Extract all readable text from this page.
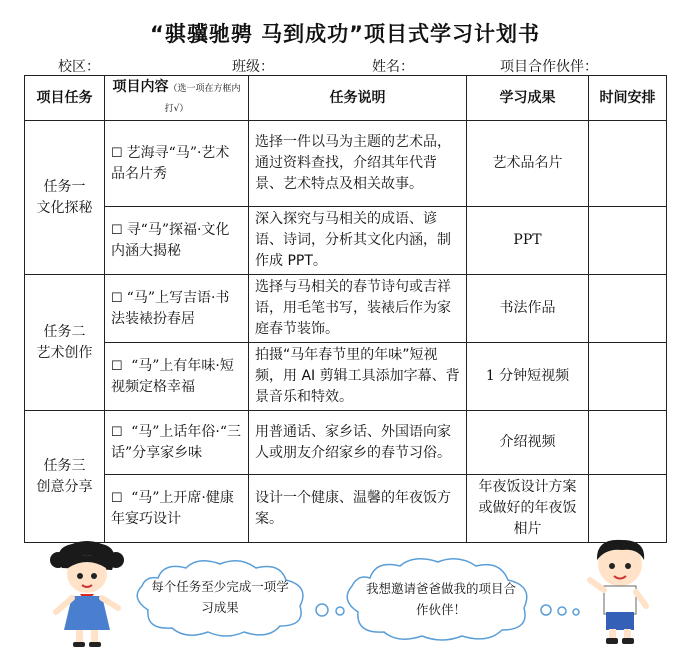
“骐骥驰骋 马到成功”项目式学习计划书
校区：	班级：	姓名：	项目合作伙伴：
项目任务	项目内容（选一项在方框内打√）	任务说明	学习成果	时间安排

任务一
文化探秘	☐ 艺海寻“马”·艺术品名片秀	选择一件以马为主题的艺术品，通过资料查找，介绍其年代背景、艺术特点及相关故事。	艺术品名片	
	☐ 寻“马”探福·文化内涵大揭秘	深入探究与马相关的成语、谚语、诗词，分析其文化内涵，制作成 PPT。	PPT	

任务二
艺术创作	☐ “马”上写吉语·书法装裱扮春居	选择与马相关的春节诗句或吉祥语，用毛笔书写，装裱后作为家庭春节装饰。	书法作品	
	☐ “马”上有年味·短视频定格幸福	拍摄“马年春节里的年味”短视频，用 AI 剪辑工具添加字幕、背景音乐和特效。	1 分钟短视频	

任务三
创意分享	☐ “马”上话年俗·“三话”分享家乡味	用普通话、家乡话、外国语向家人或朋友介绍家乡的春节习俗。	介绍视频	
	☐ “马”上开席·健康年宴巧设计	设计一个健康、温馨的年夜饭方案。	年夜饭设计方案或做好的年夜饭相片	
每个任务至少完成一项学习成果
我想邀请爸爸做我的项目合作伙伴！
